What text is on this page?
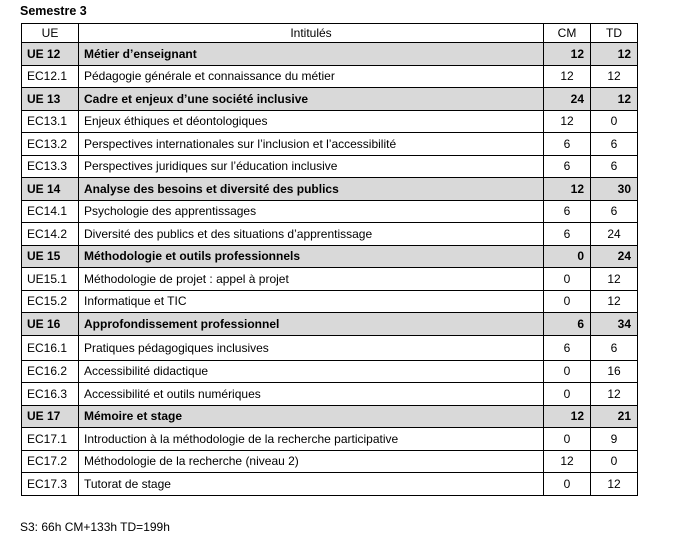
Semestre 3
UE	Intitulés	CM	TD
UE 12	Métier d’enseignant	12	12
EC12.1	Pédagogie générale et connaissance du métier	12	12
UE 13	Cadre et enjeux d’une société inclusive	24	12
EC13.1	Enjeux éthiques et déontologiques	12	0
EC13.2	Perspectives internationales sur l’inclusion et l’accessibilité	6	6
EC13.3	Perspectives juridiques sur l’éducation inclusive	6	6
UE 14	Analyse des besoins et diversité des publics	12	30
EC14.1	Psychologie des apprentissages	6	6
EC14.2	Diversité des publics et des situations d’apprentissage	6	24
UE 15	Méthodologie et outils professionnels	0	24
UE15.1	Méthodologie de projet : appel à projet	0	12
EC15.2	Informatique et TIC	0	12
UE 16	Approfondissement professionnel	6	34
EC16.1	Pratiques pédagogiques inclusives	6	6
EC16.2	Accessibilité didactique	0	16
EC16.3	Accessibilité et outils numériques	0	12
UE 17	Mémoire et stage	12	21
EC17.1	Introduction à la méthodologie de la recherche participative	0	9
EC17.2	Méthodologie de la recherche (niveau 2)	12	0
EC17.3	Tutorat de stage	0	12
S3: 66h CM+133h TD=199h
